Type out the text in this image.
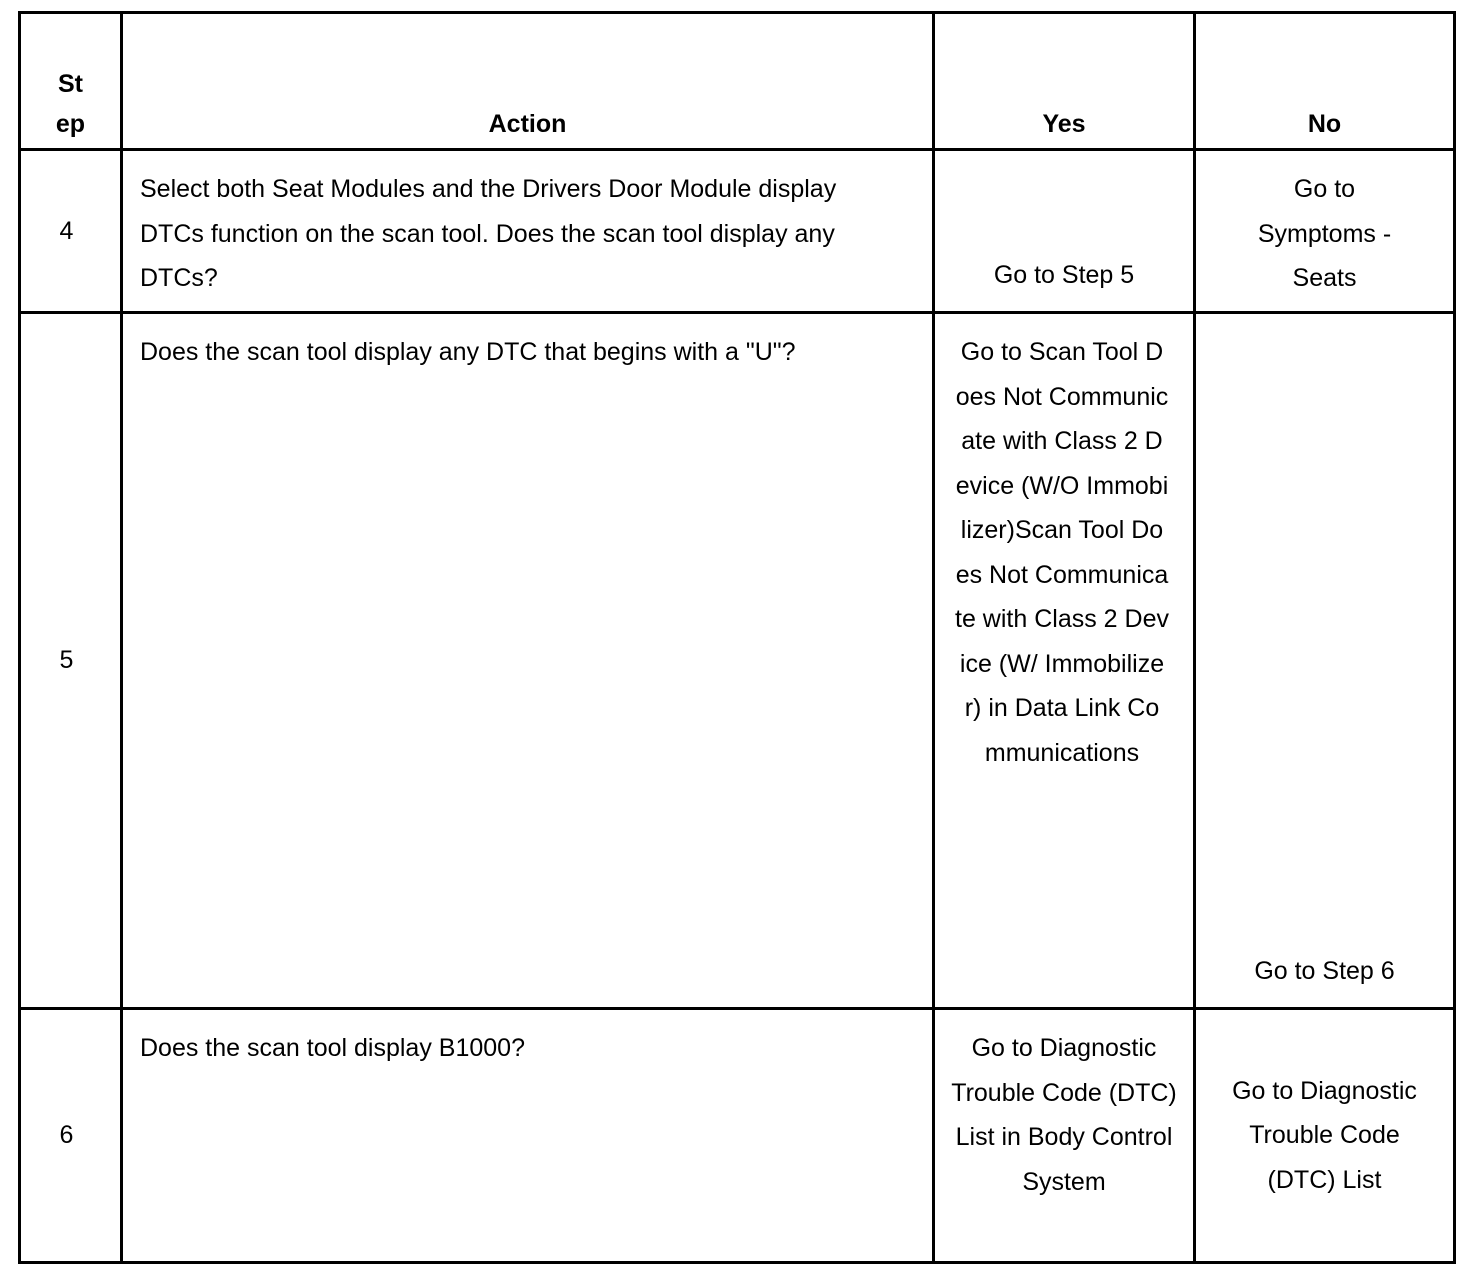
Step	Action	Yes	No
4	Select both Seat Modules and the Drivers Door Module display DTCs function on the scan tool. Does the scan tool display any DTCs?	Go to Step 5	Go to Symptoms - Seats
5	Does the scan tool display any DTC that begins with a "U"?	Go to Scan Tool Does Not Communicate with Class 2 Device (W/O Immobilizer)Scan Tool Does Not Communicate with Class 2 Device (W/ Immobilizer) in Data Link Communications	Go to Step 6
6	Does the scan tool display B1000?	Go to Diagnostic Trouble Code (DTC) List in Body Control System	Go to Diagnostic Trouble Code (DTC) List
